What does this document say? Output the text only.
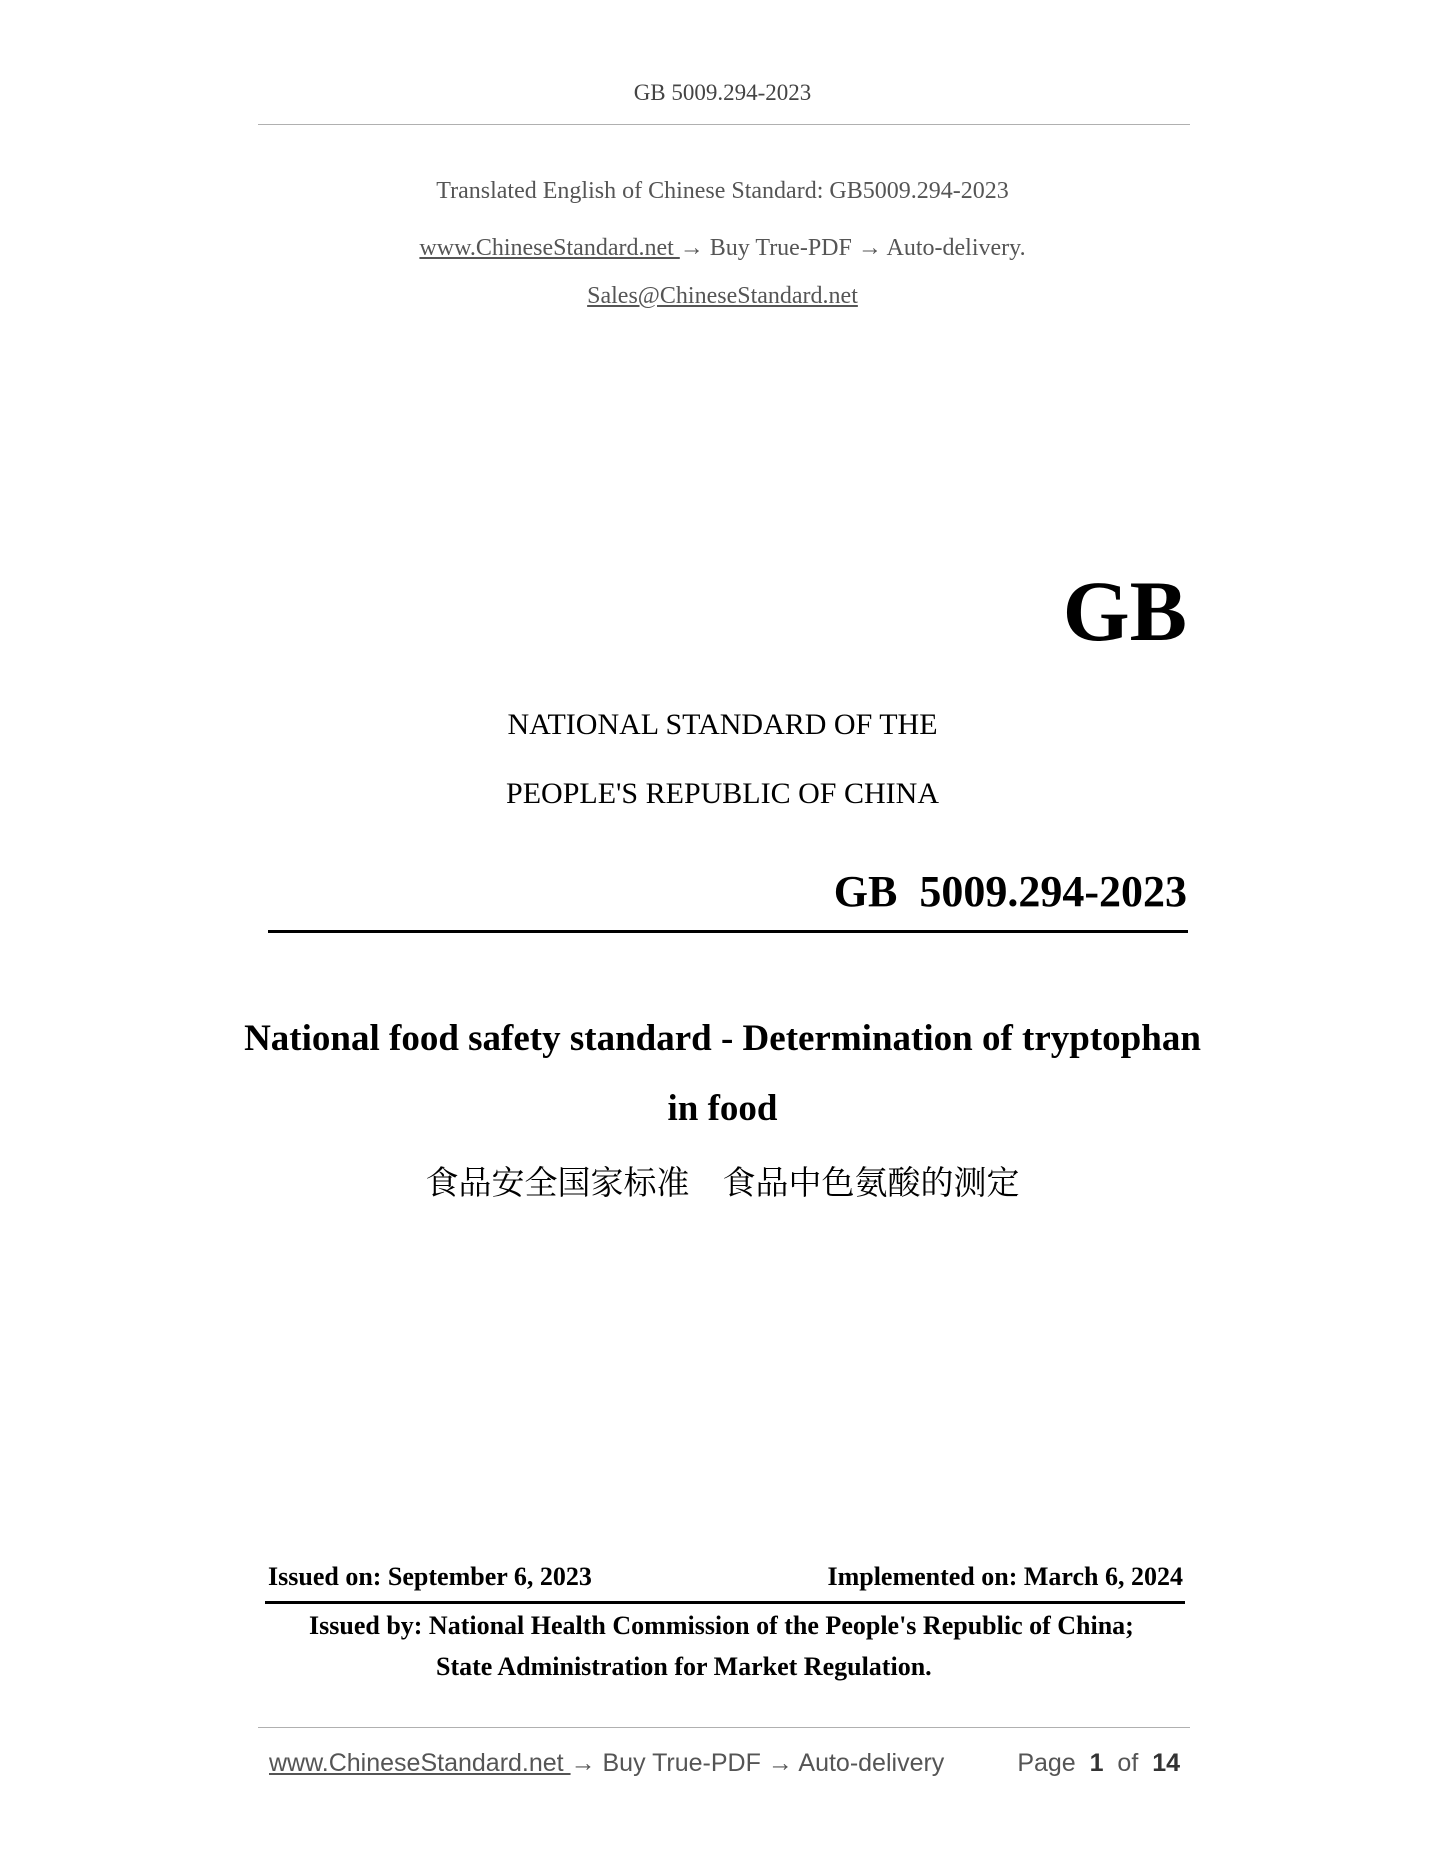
GB 5009.294-2023
Translated English of Chinese Standard: GB5009.294-2023
www.ChineseStandard.net → Buy True-PDF → Auto-delivery.
Sales@ChineseStandard.net
GB
NATIONAL STANDARD OF THE
PEOPLE'S REPUBLIC OF CHINA
GB 5009.294-2023
National food safety standard - Determination of tryptophan
in food
食品安全国家标准　食品中色氨酸的测定
Issued on: September 6, 2023	Implemented on: March 6, 2024
Issued by: National Health Commission of the People's Republic of China;
State Administration for Market Regulation.
www.ChineseStandard.net → Buy True-PDF → Auto-delivery	Page 1 of 14
